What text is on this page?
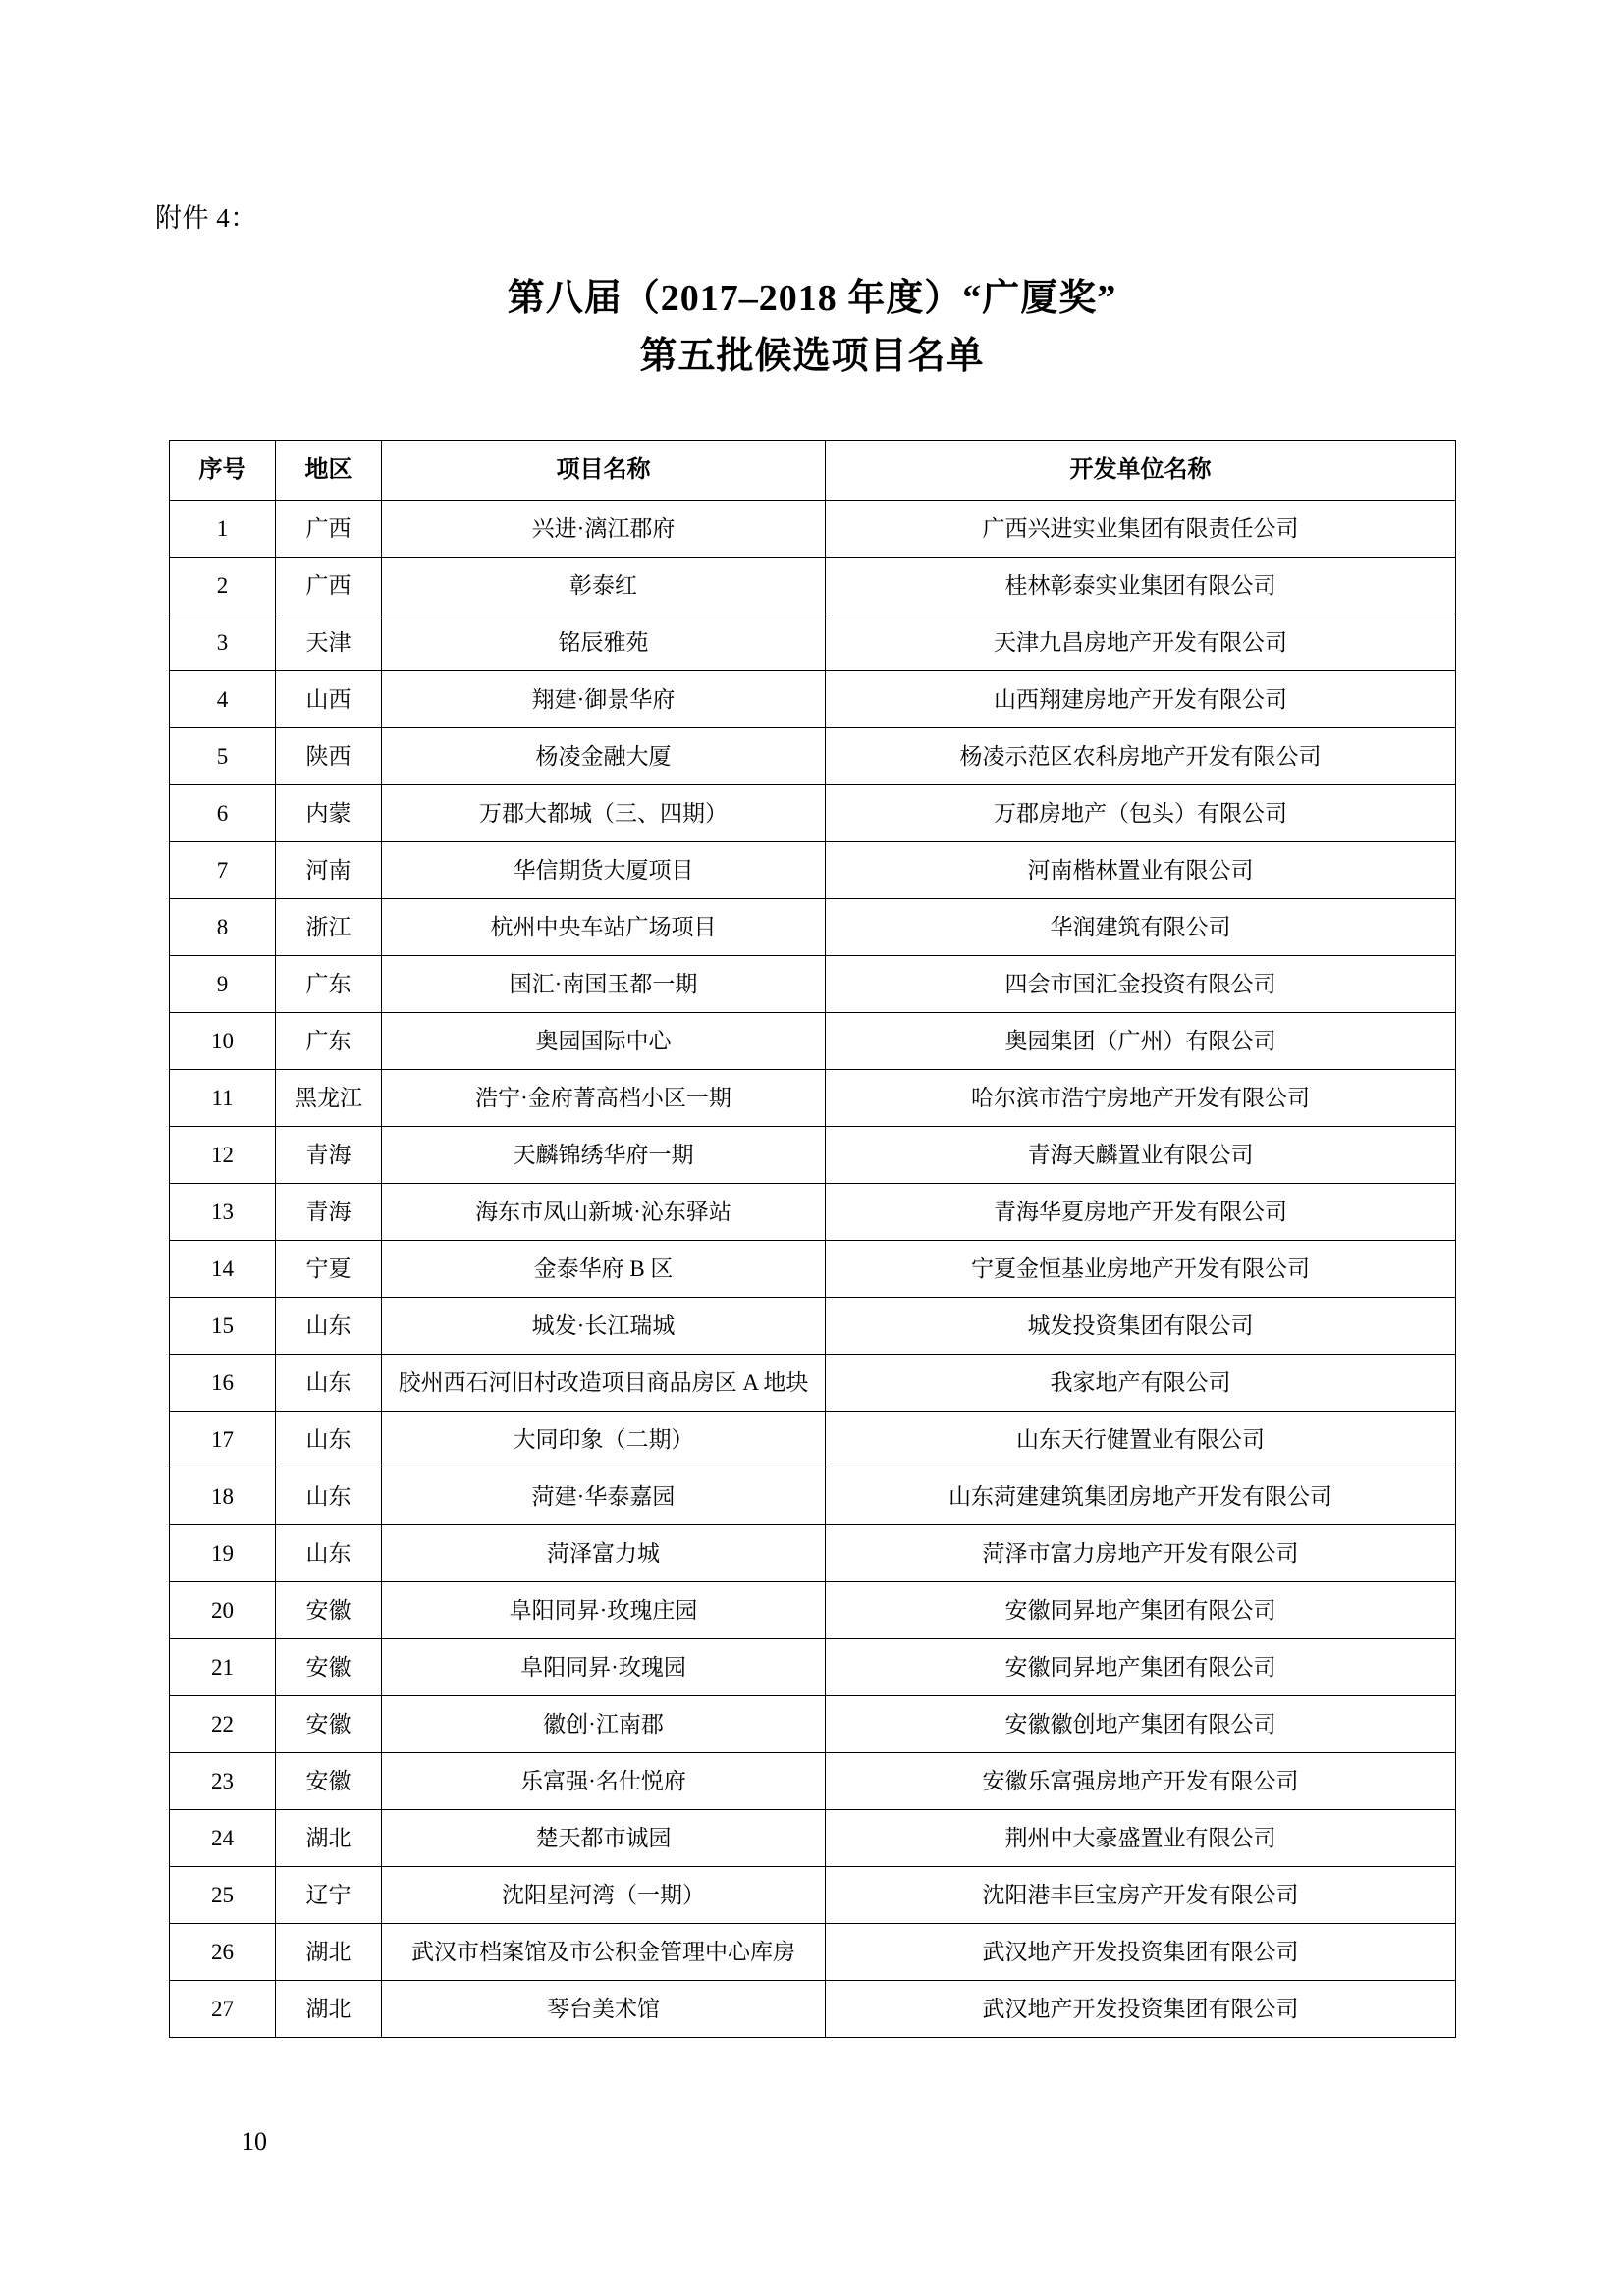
附件 4：
第八届（2017–2018 年度）“广厦奖”
第五批候选项目名单
序号	地区	项目名称	开发单位名称
1	广西	兴进·漓江郡府	广西兴进实业集团有限责任公司
2	广西	彰泰红	桂林彰泰实业集团有限公司
3	天津	铭辰雅苑	天津九昌房地产开发有限公司
4	山西	翔建·御景华府	山西翔建房地产开发有限公司
5	陕西	杨凌金融大厦	杨凌示范区农科房地产开发有限公司
6	内蒙	万郡大都城（三、四期）	万郡房地产（包头）有限公司
7	河南	华信期货大厦项目	河南楷林置业有限公司
8	浙江	杭州中央车站广场项目	华润建筑有限公司
9	广东	国汇·南国玉都一期	四会市国汇金投资有限公司
10	广东	奥园国际中心	奥园集团（广州）有限公司
11	黑龙江	浩宁·金府菁高档小区一期	哈尔滨市浩宁房地产开发有限公司
12	青海	天麟锦绣华府一期	青海天麟置业有限公司
13	青海	海东市凤山新城·沁东驿站	青海华夏房地产开发有限公司
14	宁夏	金泰华府 B 区	宁夏金恒基业房地产开发有限公司
15	山东	城发·长江瑞城	城发投资集团有限公司
16	山东	胶州西石河旧村改造项目商品房区 A 地块	我家地产有限公司
17	山东	大同印象（二期）	山东天行健置业有限公司
18	山东	菏建·华泰嘉园	山东菏建建筑集团房地产开发有限公司
19	山东	菏泽富力城	菏泽市富力房地产开发有限公司
20	安徽	阜阳同昇·玫瑰庄园	安徽同昇地产集团有限公司
21	安徽	阜阳同昇·玫瑰园	安徽同昇地产集团有限公司
22	安徽	徽创·江南郡	安徽徽创地产集团有限公司
23	安徽	乐富强·名仕悦府	安徽乐富强房地产开发有限公司
24	湖北	楚天都市诚园	荆州中大豪盛置业有限公司
25	辽宁	沈阳星河湾（一期）	沈阳港丰巨宝房产开发有限公司
26	湖北	武汉市档案馆及市公积金管理中心库房	武汉地产开发投资集团有限公司
27	湖北	琴台美术馆	武汉地产开发投资集团有限公司
10
